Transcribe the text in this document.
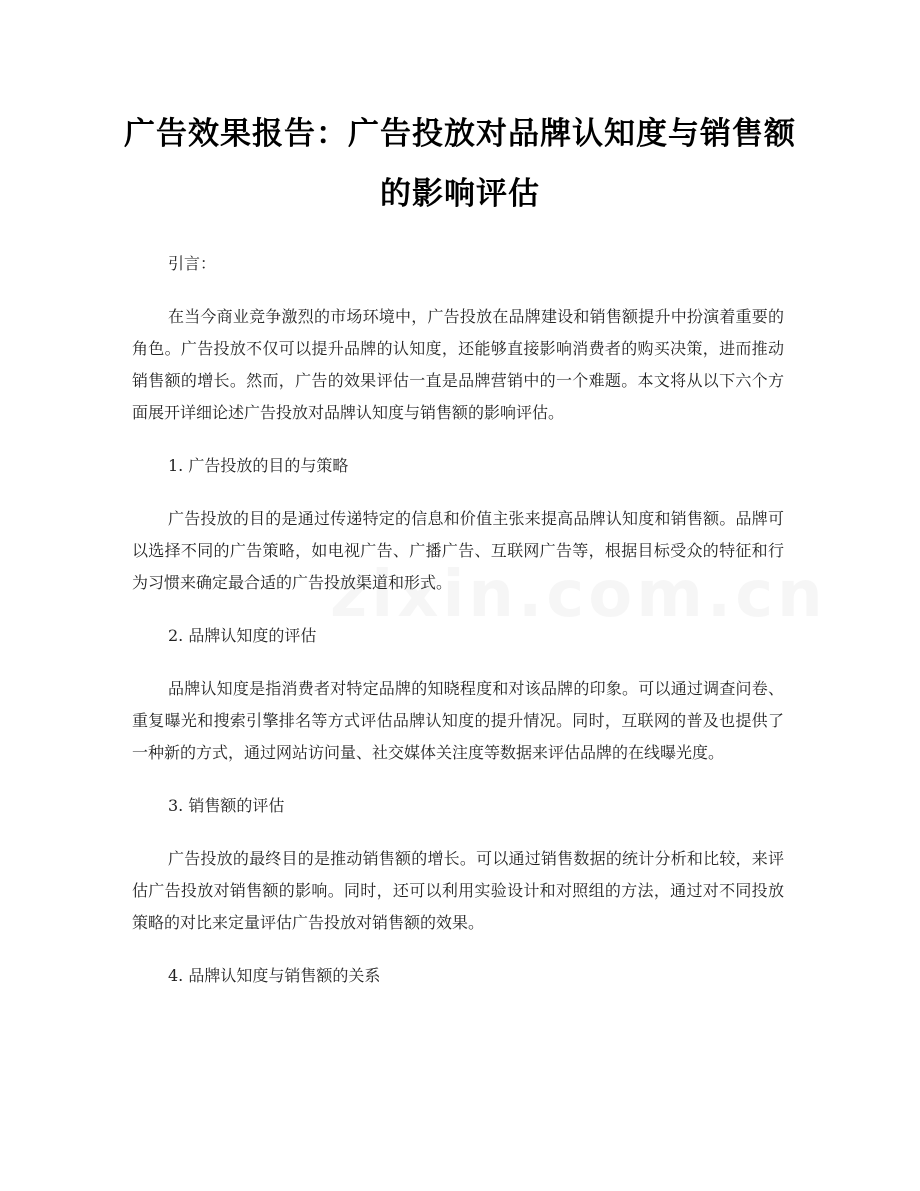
广告效果报告：广告投放对品牌认知度与销售额的影响评估

引言：

在当今商业竞争激烈的市场环境中，广告投放在品牌建设和销售额提升中扮演着重要的角色。广告投放不仅可以提升品牌的认知度，还能够直接影响消费者的购买决策，进而推动销售额的增长。然而，广告的效果评估一直是品牌营销中的一个难题。本文将从以下六个方面展开详细论述广告投放对品牌认知度与销售额的影响评估。

1. 广告投放的目的与策略

广告投放的目的是通过传递特定的信息和价值主张来提高品牌认知度和销售额。品牌可以选择不同的广告策略，如电视广告、广播广告、互联网广告等，根据目标受众的特征和行为习惯来确定最合适的广告投放渠道和形式。

2. 品牌认知度的评估

品牌认知度是指消费者对特定品牌的知晓程度和对该品牌的印象。可以通过调查问卷、重复曝光和搜索引擎排名等方式评估品牌认知度的提升情况。同时，互联网的普及也提供了一种新的方式，通过网站访问量、社交媒体关注度等数据来评估品牌的在线曝光度。

3. 销售额的评估

广告投放的最终目的是推动销售额的增长。可以通过销售数据的统计分析和比较，来评估广告投放对销售额的影响。同时，还可以利用实验设计和对照组的方法，通过对不同投放策略的对比来定量评估广告投放对销售额的效果。

4. 品牌认知度与销售额的关系
